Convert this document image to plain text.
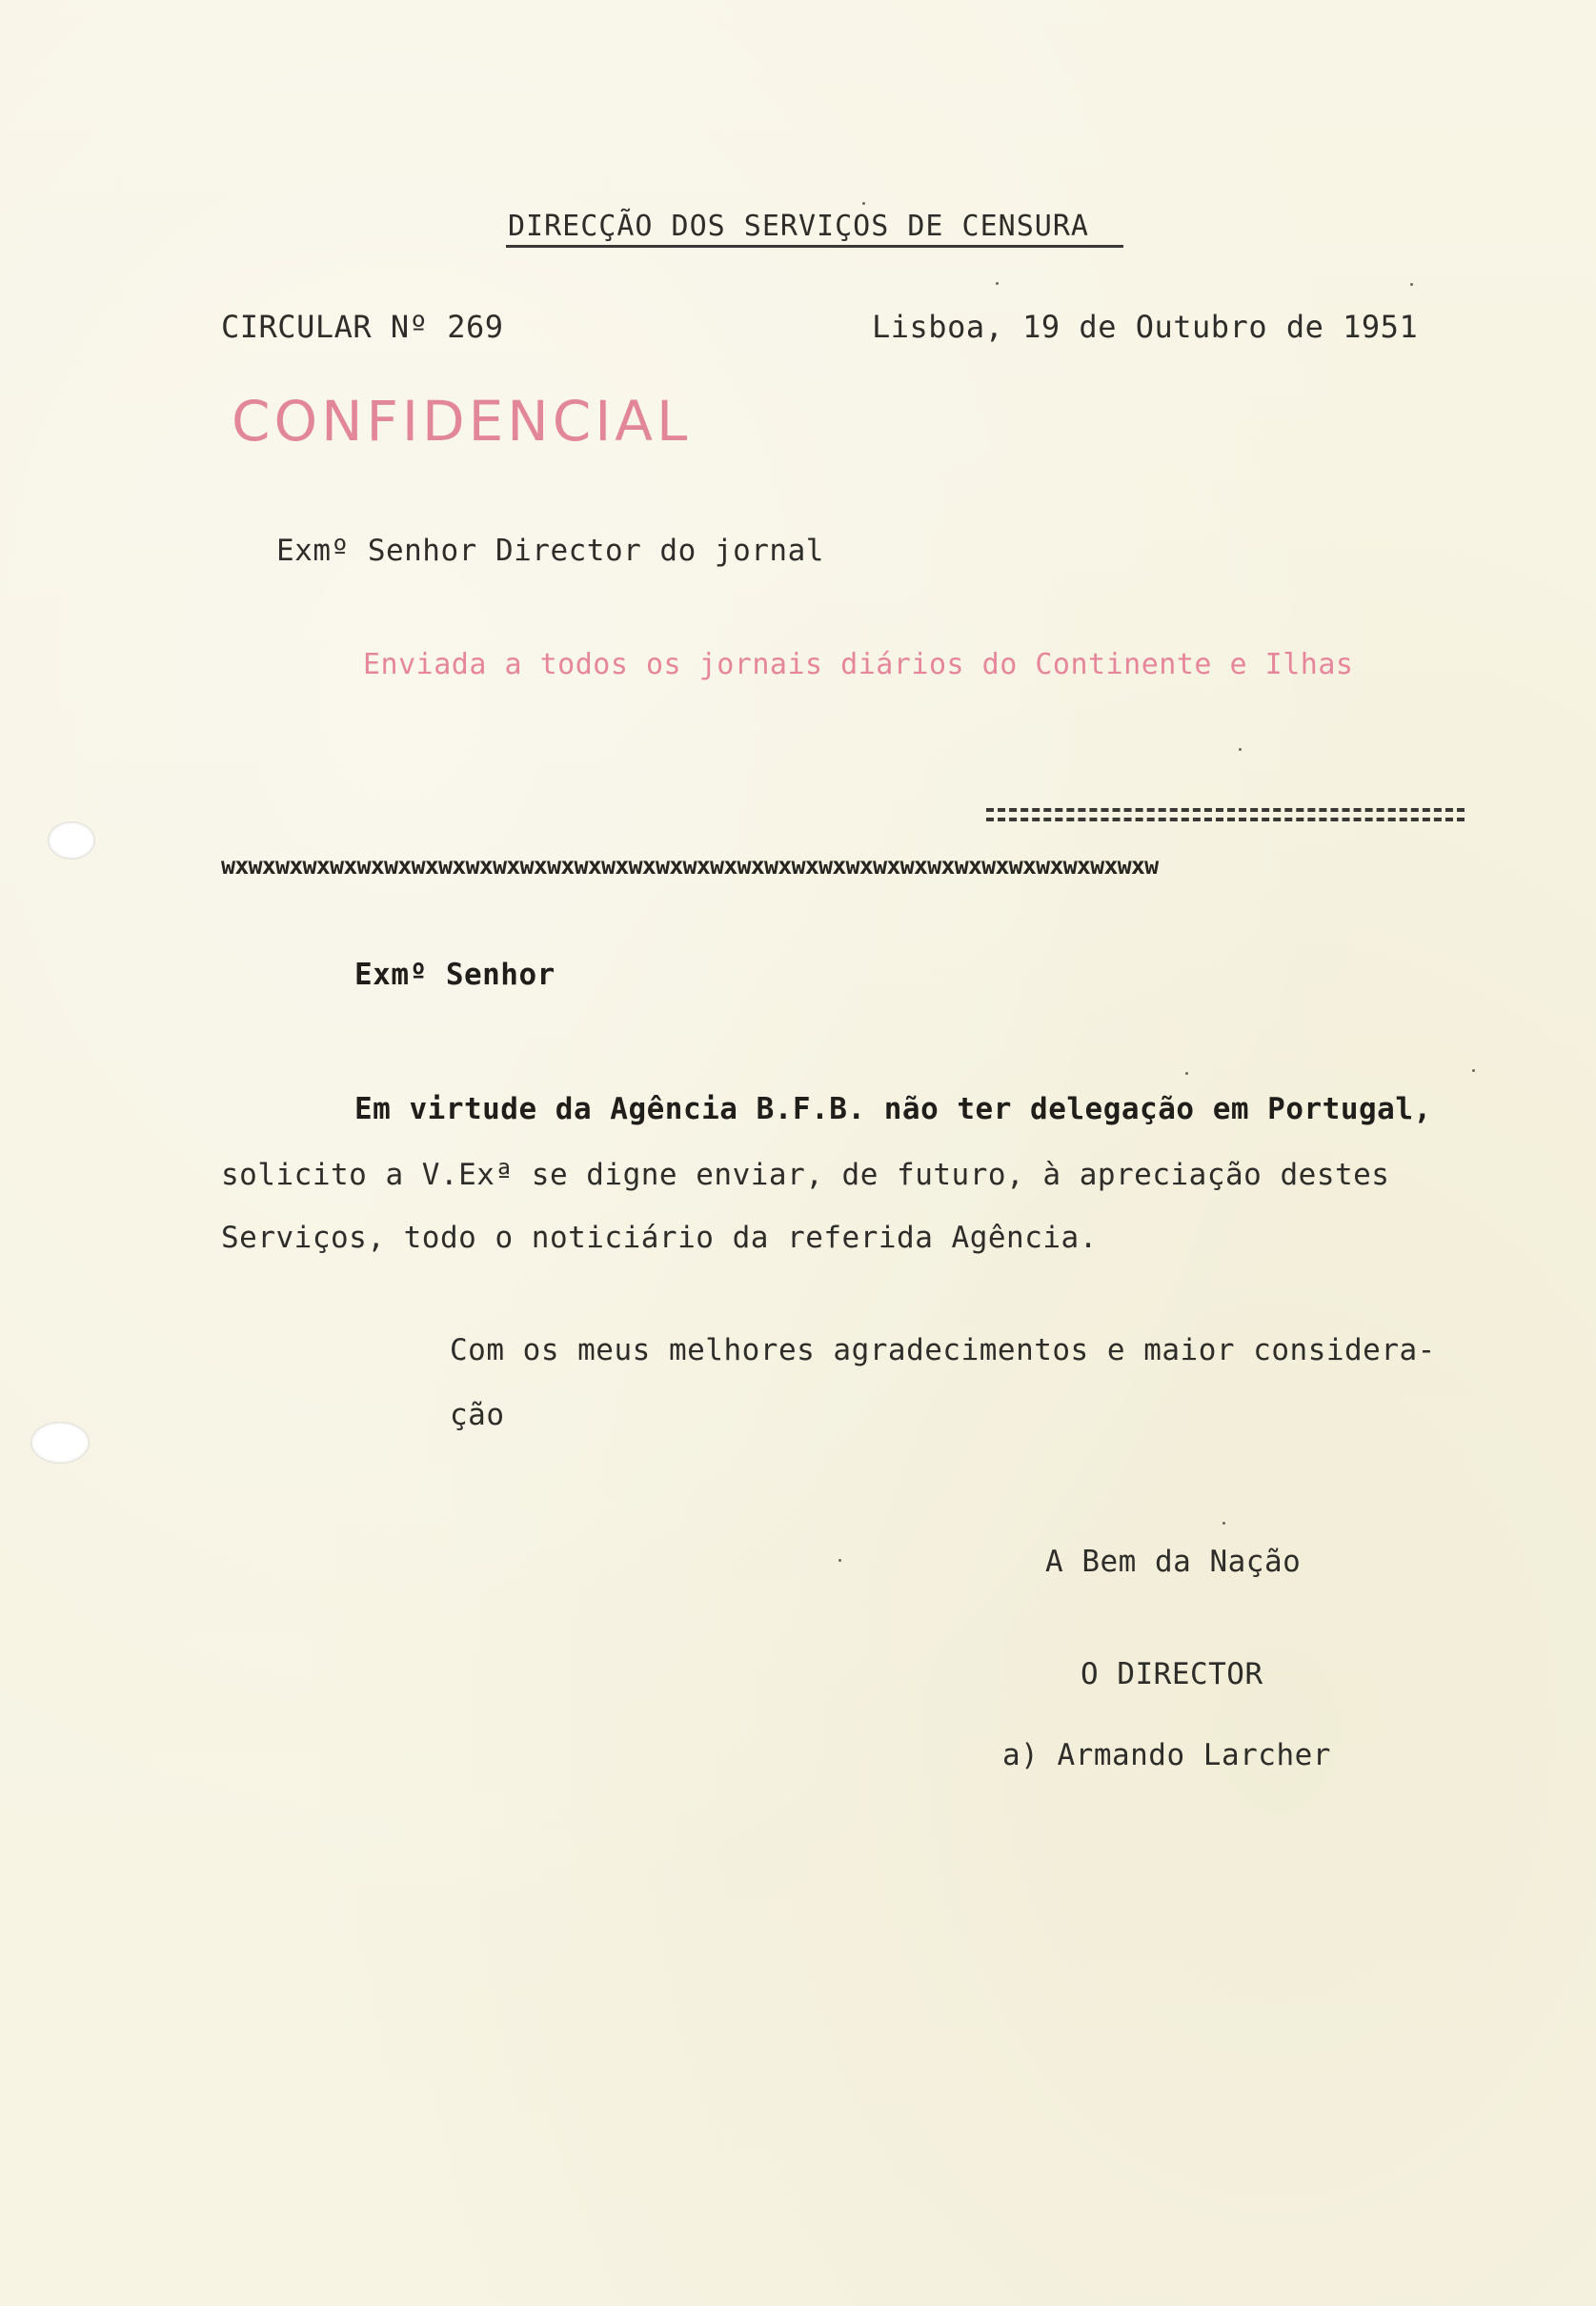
DIRECÇÃO DOS SERVIÇOS DE CENSURA
CIRCULAR Nº 269	Lisboa, 19 de Outubro de 1951
CONFIDENCIAL
Exmº Senhor Director do jornal
Enviada a todos os jornais diários do Continente e Ilhas
wxwxwxwxwxwxwxwxwxwxwxwxwxwxwxwxwxwxwxwxwxwxwxwxwxwxwxwxwxwxwxwxwxwxw
Exmº Senhor
Em virtude da Agência B.F.B. não ter delegação em Portugal,
solicito a V.Exª se digne enviar, de futuro, à apreciação destes
Serviços, todo o noticiário da referida Agência.
Com os meus melhores agradecimentos e maior considera-
ção
A Bem da Nação
O DIRECTOR
a) Armando Larcher
